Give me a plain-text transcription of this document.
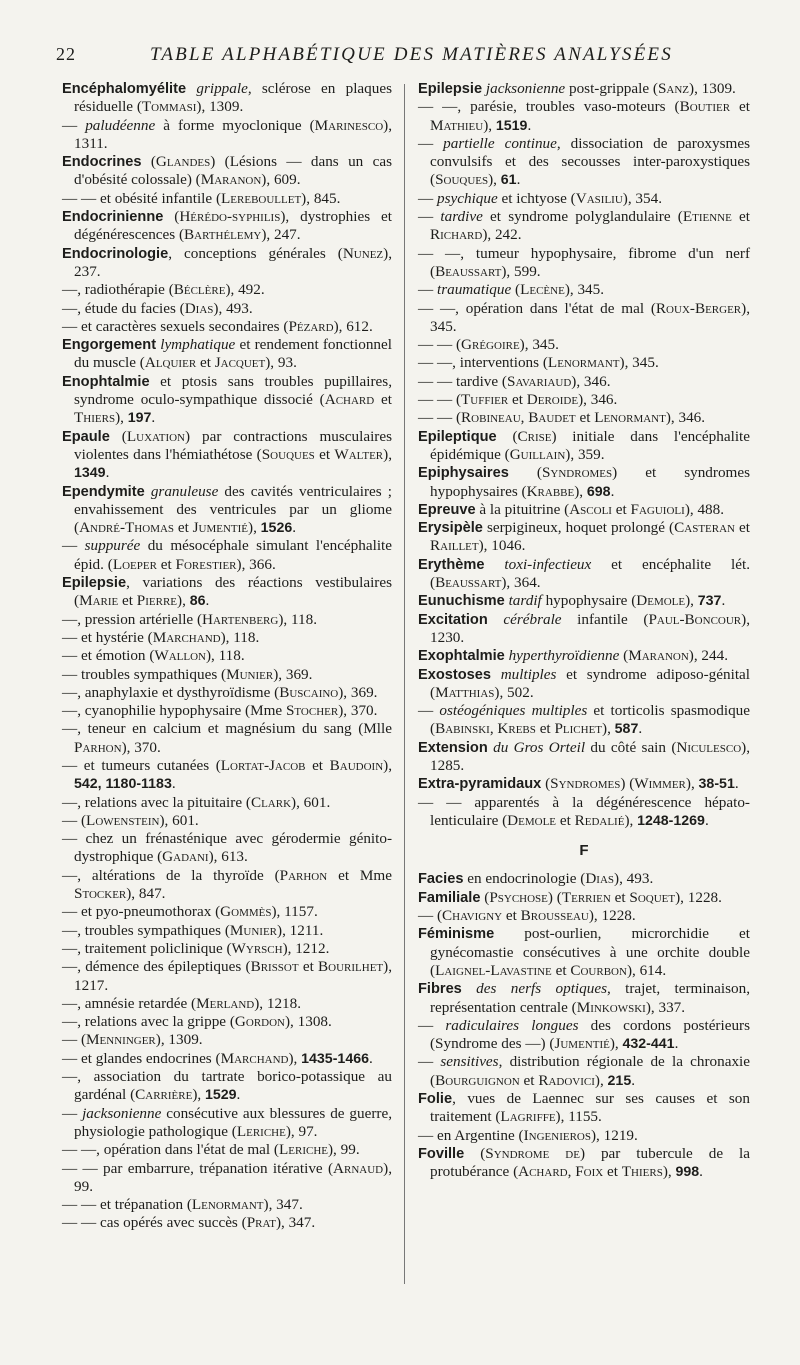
22	TABLE ALPHABÉTIQUE DES MATIÈRES ANALYSÉES

Encéphalomyélite grippale, sclérose en plaques résiduelle (Tommasi), 1309.

— paludéenne à forme myoclonique (Marinesco), 1311.

Endocrines (Glandes) (Lésions — dans un cas d'obésité colossale) (Maranon), 609.

— — et obésité infantile (Lereboullet), 845.

Endocrinienne (Hérédo-syphilis), dystrophies et dégénérescences (Barthélemy), 247.

Endocrinologie, conceptions générales (Nunez), 237.

—, radiothérapie (Béclère), 492.

—, étude du facies (Dias), 493.

— et caractères sexuels secondaires (Pézard), 612.

Engorgement lymphatique et rendement fonctionnel du muscle (Alquier et Jacquet), 93.

Enophtalmie et ptosis sans troubles pupillaires, syndrome oculo-sympathique dissocié (Achard et Thiers), 197.

Epaule (Luxation) par contractions musculaires violentes dans l'hémiathétose (Souques et Walter), 1349.

Ependymite granuleuse des cavités ventriculaires ; envahissement des ventricules par un gliome (André-Thomas et Jumentié), 1526.

— suppurée du mésocéphale simulant l'encéphalite épid. (Loeper et Forestier), 366.

Epilepsie, variations des réactions vestibulaires (Marie et Pierre), 86.

—, pression artérielle (Hartenberg), 118.

— et hystérie (Marchand), 118.

— et émotion (Wallon), 118.

— troubles sympathiques (Munier), 369.

—, anaphylaxie et dysthyroïdisme (Buscaino), 369.

—, cyanophilie hypophysaire (Mme Stocher), 370.

—, teneur en calcium et magnésium du sang (Mlle Parhon), 370.

— et tumeurs cutanées (Lortat-Jacob et Baudoin), 542, 1180-1183.

—, relations avec la pituitaire (Clark), 601.

— (Lowenstein), 601.

— chez un frénasténique avec gérodermie génito-dystrophique (Gadani), 613.

—, altérations de la thyroïde (Parhon et Mme Stocker), 847.

— et pyo-pneumothorax (Gommès), 1157.

—, troubles sympathiques (Munier), 1211.

—, traitement policlinique (Wyrsch), 1212.

—, démence des épileptiques (Brissot et Bourilhet), 1217.

—, amnésie retardée (Merland), 1218.

—, relations avec la grippe (Gordon), 1308.

— (Menninger), 1309.

— et glandes endocrines (Marchand), 1435-1466.

—, association du tartrate borico-potassique au gardénal (Carrière), 1529.

— jacksonienne consécutive aux blessures de guerre, physiologie pathologique (Leriche), 97.

— —, opération dans l'état de mal (Leriche), 99.

— — par embarrure, trépanation itérative (Arnaud), 99.

— — et trépanation (Lenormant), 347.

— — cas opérés avec succès (Prat), 347.

Epilepsie jacksonienne post-grippale (Sanz), 1309.

— —, parésie, troubles vaso-moteurs (Boutier et Mathieu), 1519.

— partielle continue, dissociation de paroxysmes convulsifs et des secousses inter-paroxystiques (Souques), 61.

— psychique et ichtyose (Vasiliu), 354.

— tardive et syndrome polyglandulaire (Etienne et Richard), 242.

— —, tumeur hypophysaire, fibrome d'un nerf (Beaussart), 599.

— traumatique (Lecène), 345.

— —, opération dans l'état de mal (Roux-Berger), 345.

— — (Grégoire), 345.

— —, interventions (Lenormant), 345.

— — tardive (Savariaud), 346.

— — (Tuffier et Deroide), 346.

— — (Robineau, Baudet et Lenormant), 346.

Epileptique (Crise) initiale dans l'encéphalite épidémique (Guillain), 359.

Epiphysaires (Syndromes) et syndromes hypophysaires (Krabbe), 698.

Epreuve à la pituitrine (Ascoli et Faguioli), 488.

Erysipèle serpigineux, hoquet prolongé (Casteran et Raillet), 1046.

Erythème toxi-infectieux et encéphalite lét. (Beaussart), 364.

Eunuchisme tardif hypophysaire (Demole), 737.

Excitation cérébrale infantile (Paul-Boncour), 1230.

Exophtalmie hyperthyroïdienne (Maranon), 244.

Exostoses multiples et syndrome adiposo-génital (Matthias), 502.

— ostéogéniques multiples et torticolis spasmodique (Babinski, Krebs et Plichet), 587.

Extension du Gros Orteil du côté sain (Niculesco), 1285.

Extra-pyramidaux (Syndromes) (Wimmer), 38-51.

— — apparentés à la dégénérescence hépato-lenticulaire (Demole et Redalié), 1248-1269.

F

Facies en endocrinologie (Dias), 493.

Familiale (Psychose) (Terrien et Soquet), 1228.

— (Chavigny et Brousseau), 1228.

Féminisme post-ourlien, microrchidie et gynécomastie consécutives à une orchite double (Laignel-Lavastine et Courbon), 614.

Fibres des nerfs optiques, trajet, terminaison, représentation centrale (Minkowski), 337.

— radiculaires longues des cordons postérieurs (Syndrome des —) (Jumentié), 432-441.

— sensitives, distribution régionale de la chronaxie (Bourguignon et Radovici), 215.

Folie, vues de Laennec sur ses causes et son traitement (Lagriffe), 1155.

— en Argentine (Ingenieros), 1219.

Foville (Syndrome de) par tubercule de la protubérance (Achard, Foix et Thiers), 998.
